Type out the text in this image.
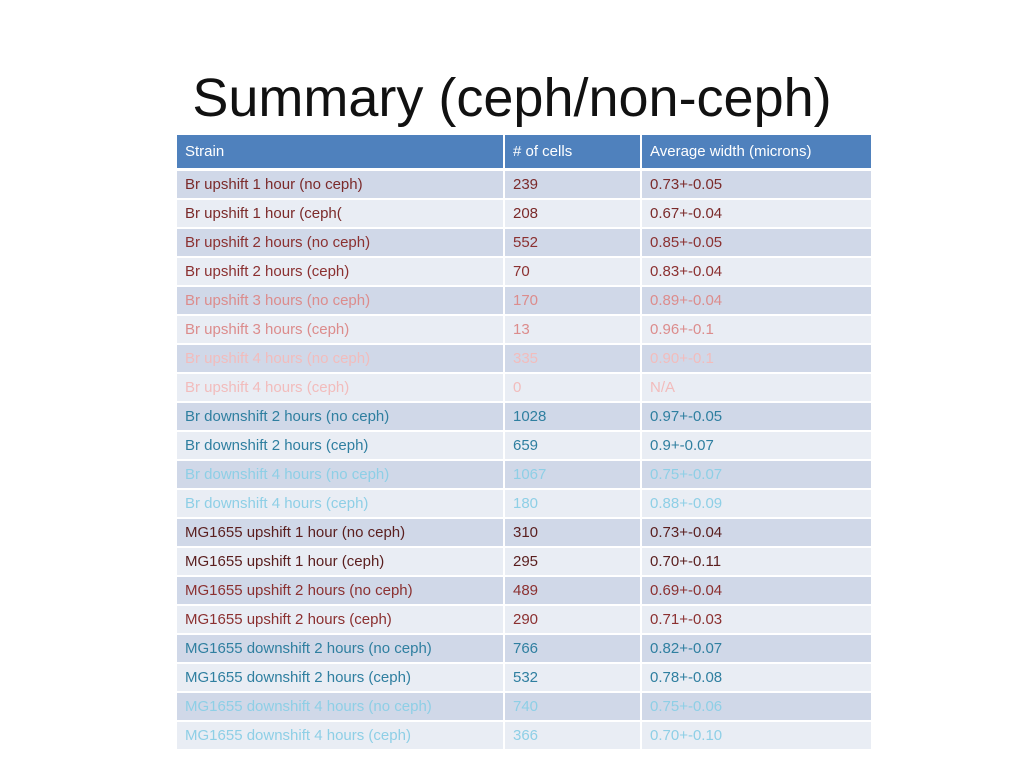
Summary (ceph/non-ceph)
Strain	# of cells	Average width (microns)
Br upshift 1 hour (no ceph)	239	0.73+-0.05
Br upshift 1 hour (ceph(	208	0.67+-0.04
Br upshift 2 hours (no ceph)	552	0.85+-0.05
Br upshift 2 hours (ceph)	70	0.83+-0.04
Br upshift 3 hours (no ceph)	170	0.89+-0.04
Br upshift 3 hours (ceph)	13	0.96+-0.1
Br upshift 4 hours (no ceph)	335	0.90+-0.1
Br upshift 4 hours (ceph)	0	N/A
Br downshift 2 hours (no ceph)	1028	0.97+-0.05
Br downshift 2 hours (ceph)	659	0.9+-0.07
Br downshift 4 hours (no ceph)	1067	0.75+-0.07
Br downshift 4 hours (ceph)	180	0.88+-0.09
MG1655 upshift 1 hour (no ceph)	310	0.73+-0.04
MG1655 upshift 1 hour (ceph)	295	0.70+-0.11
MG1655 upshift 2 hours (no ceph)	489	0.69+-0.04
MG1655 upshift 2 hours (ceph)	290	0.71+-0.03
MG1655 downshift 2 hours (no ceph)	766	0.82+-0.07
MG1655 downshift 2 hours (ceph)	532	0.78+-0.08
MG1655 downshift 4 hours (no ceph)	740	0.75+-0.06
MG1655 downshift 4 hours (ceph)	366	0.70+-0.10
